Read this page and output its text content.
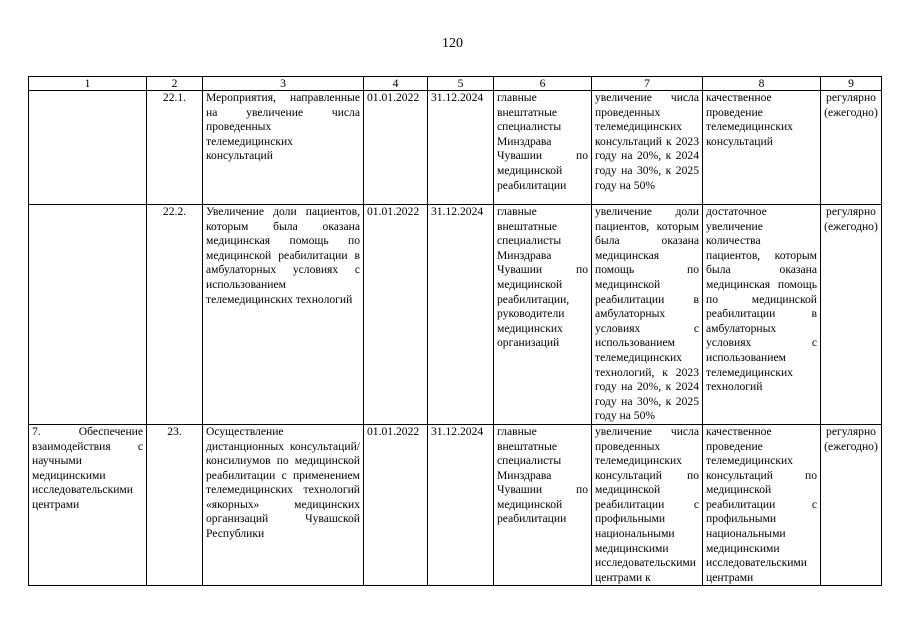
120
1	2	3	4	5	6	7	8	9
	22.1.	Мероприятия, направленные на увеличение числа проведенных телемедицинских консультаций	01.01.2022	31.12.2024	главные внештатные специалисты Минздрава Чувашии по медицинской реабилитации	увеличение числа проведенных телемедицинских консультаций к 2023 году на 20%, к 2024 году на 30%, к 2025 году на 50%	качественное проведение телемедицинских консультаций	регулярно (ежегодно)
	22.2.	Увеличение доли пациентов, которым была оказана медицинская помощь по медицинской реабилитации в амбулаторных условиях с использованием телемедицинских технологий	01.01.2022	31.12.2024	главные внештатные специалисты Минздрава Чувашии по медицинской реабилитации, руководители медицинских организаций	увеличение доли пациентов, которым была оказана медицинская помощь по медицинской реабилитации в амбулаторных условиях с использованием телемедицинских технологий, к 2023 году на 20%, к 2024 году на 30%, к 2025 году на 50%	достаточное увеличение количества пациентов, которым была оказана медицинская помощь по медицинской реабилитации в амбулаторных условиях с использованием телемедицинских технологий	регулярно (ежегодно)
7. Обеспечение взаимодействия с научными медицинскими исследовательскими центрами	23.	Осуществление дистанционных консультаций/консилиумов по медицинской реабилитации с применением телемедицинских технологий «якорных» медицинских организаций Чувашской Республики	01.01.2022	31.12.2024	главные внештатные специалисты Минздрава Чувашии по медицинской реабилитации	увеличение числа проведенных телемедицинских консультаций по медицинской реабилитации с профильными национальными медицинскими исследовательскими центрами к	качественное проведение телемедицинских консультаций по медицинской реабилитации с профильными национальными медицинскими исследовательскими центрами	регулярно (ежегодно)
